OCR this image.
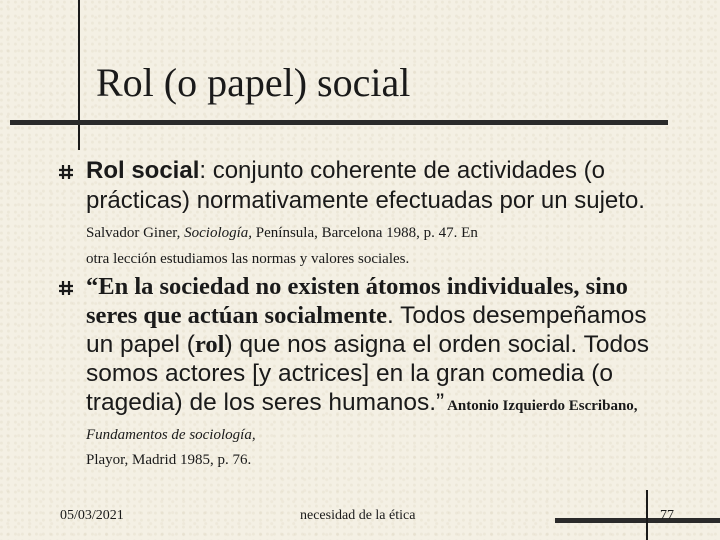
Rol (o papel) social
Rol social: conjunto coherente de actividades (o prácticas) normativamente efectuadas por un sujeto. Salvador Giner, Sociología, Península, Barcelona 1988, p. 47. En
otra lección estudiamos las normas y valores sociales.
“En la sociedad no existen átomos individuales, sino seres que actúan socialmente. Todos desempeñamos un papel (rol) que nos asigna el orden social. Todos somos actores [y actrices] en la gran comedia (o tragedia) de los seres humanos.” Antonio Izquierdo Escribano, Fundamentos de sociología,
Playor, Madrid 1985, p. 76.
05/03/2021	necesidad de la ética	77
